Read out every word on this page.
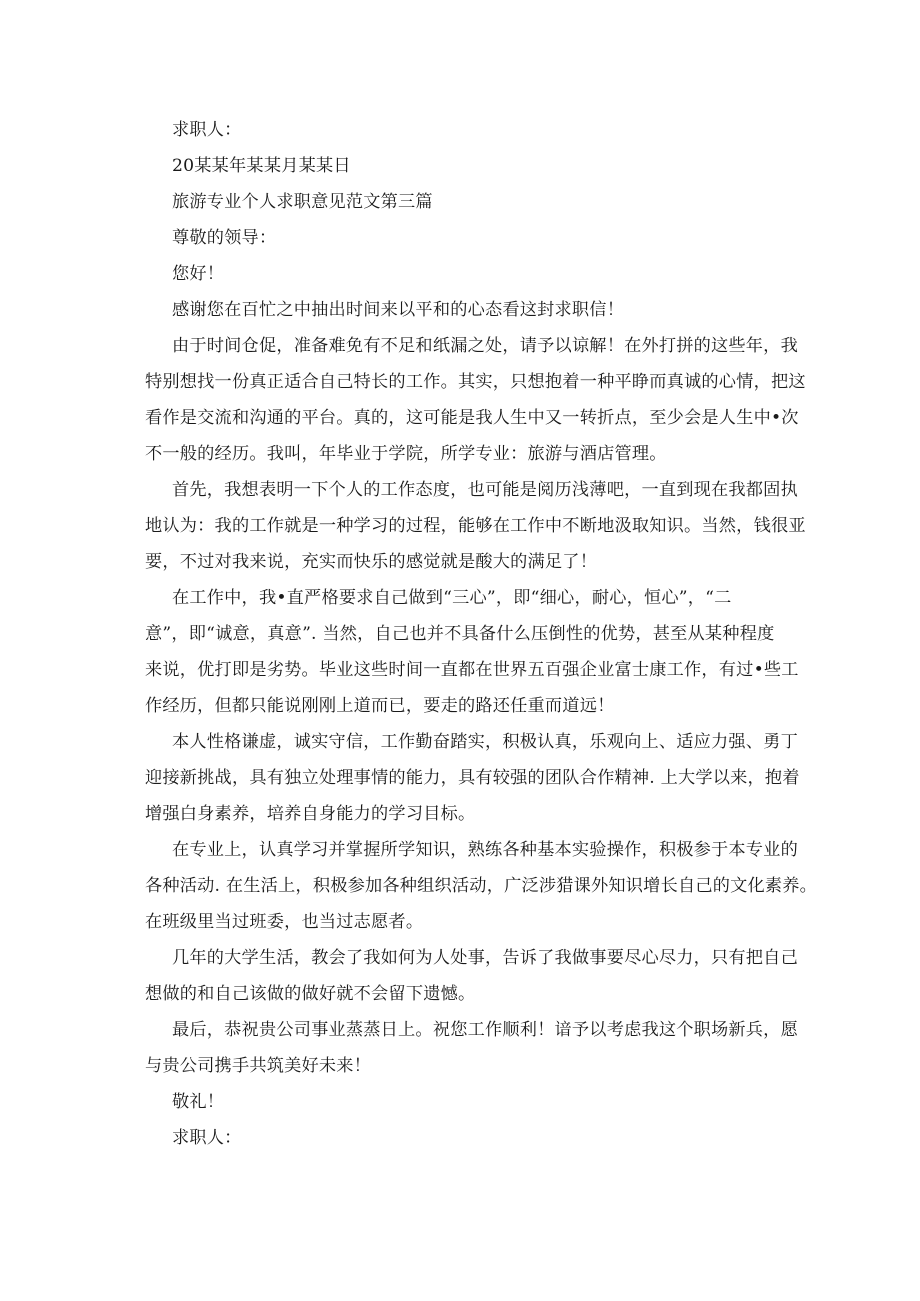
求职人：
20某某年某某月某某日
旅游专业个人求职意见范文第三篇
尊敬的领导：
您好！
感谢您在百忙之中抽出时间来以平和的心态看这封求职信！
由于时间仓促，准备难免有不足和纸漏之处，请予以谅解！在外打拼的这些年，我
特别想找一份真正适合自己特长的工作。其实，只想抱着一种平睁而真诚的心情，把这
看作是交流和沟通的平台。真的，这可能是我人生中又一转折点，至少会是人生中•次
不一般的经历。我叫，年毕业于学院，所学专业：旅游与酒店管理。
首先，我想表明一下个人的工作态度，也可能是阅历浅薄吧，一直到现在我都固执
地认为：我的工作就是一种学习的过程，能够在工作中不断地汲取知识。当然，钱很亚
要，不过对我来说，充实而快乐的感觉就是酸大的满足了！
在工作中，我•直严格要求自己做到“三心”，即“细心，耐心，恒心”，“二
意”，即“诚意，真意”. 当然，自己也并不具备什么压倒性的优势，甚至从某种程度
来说，优打即是劣势。毕业这些时间一直都在世界五百强企业富士康工作，有过•些工
作经历，但都只能说刚刚上道而已，要走的路还任重而道远！
本人性格谦虚，诚实守信，工作勤奋踏实，积极认真，乐观向上、适应力强、勇丁
迎接新挑战，具有独立处理事情的能力，具有较强的团队合作精神. 上大学以来，抱着
增强白身素养，培养自身能力的学习目标。
在专业上，认真学习并掌握所学知识，熟练各种基本实验操作，积极参于本专业的
各种活动. 在生活上，积极参加各种组织活动，广泛涉猎课外知识增长自己的文化素养。
在班级里当过班委，也当过志愿者。
几年的大学生活，教会了我如何为人处事，告诉了我做事要尽心尽力，只有把自己
想做的和自己该做的做好就不会留下遗憾。
最后，恭祝贵公司事业蒸蒸日上。祝您工作顺利！谙予以考虑我这个职场新兵，愿
与贵公司携手共筑美好未来！
敬礼！
求职人：
